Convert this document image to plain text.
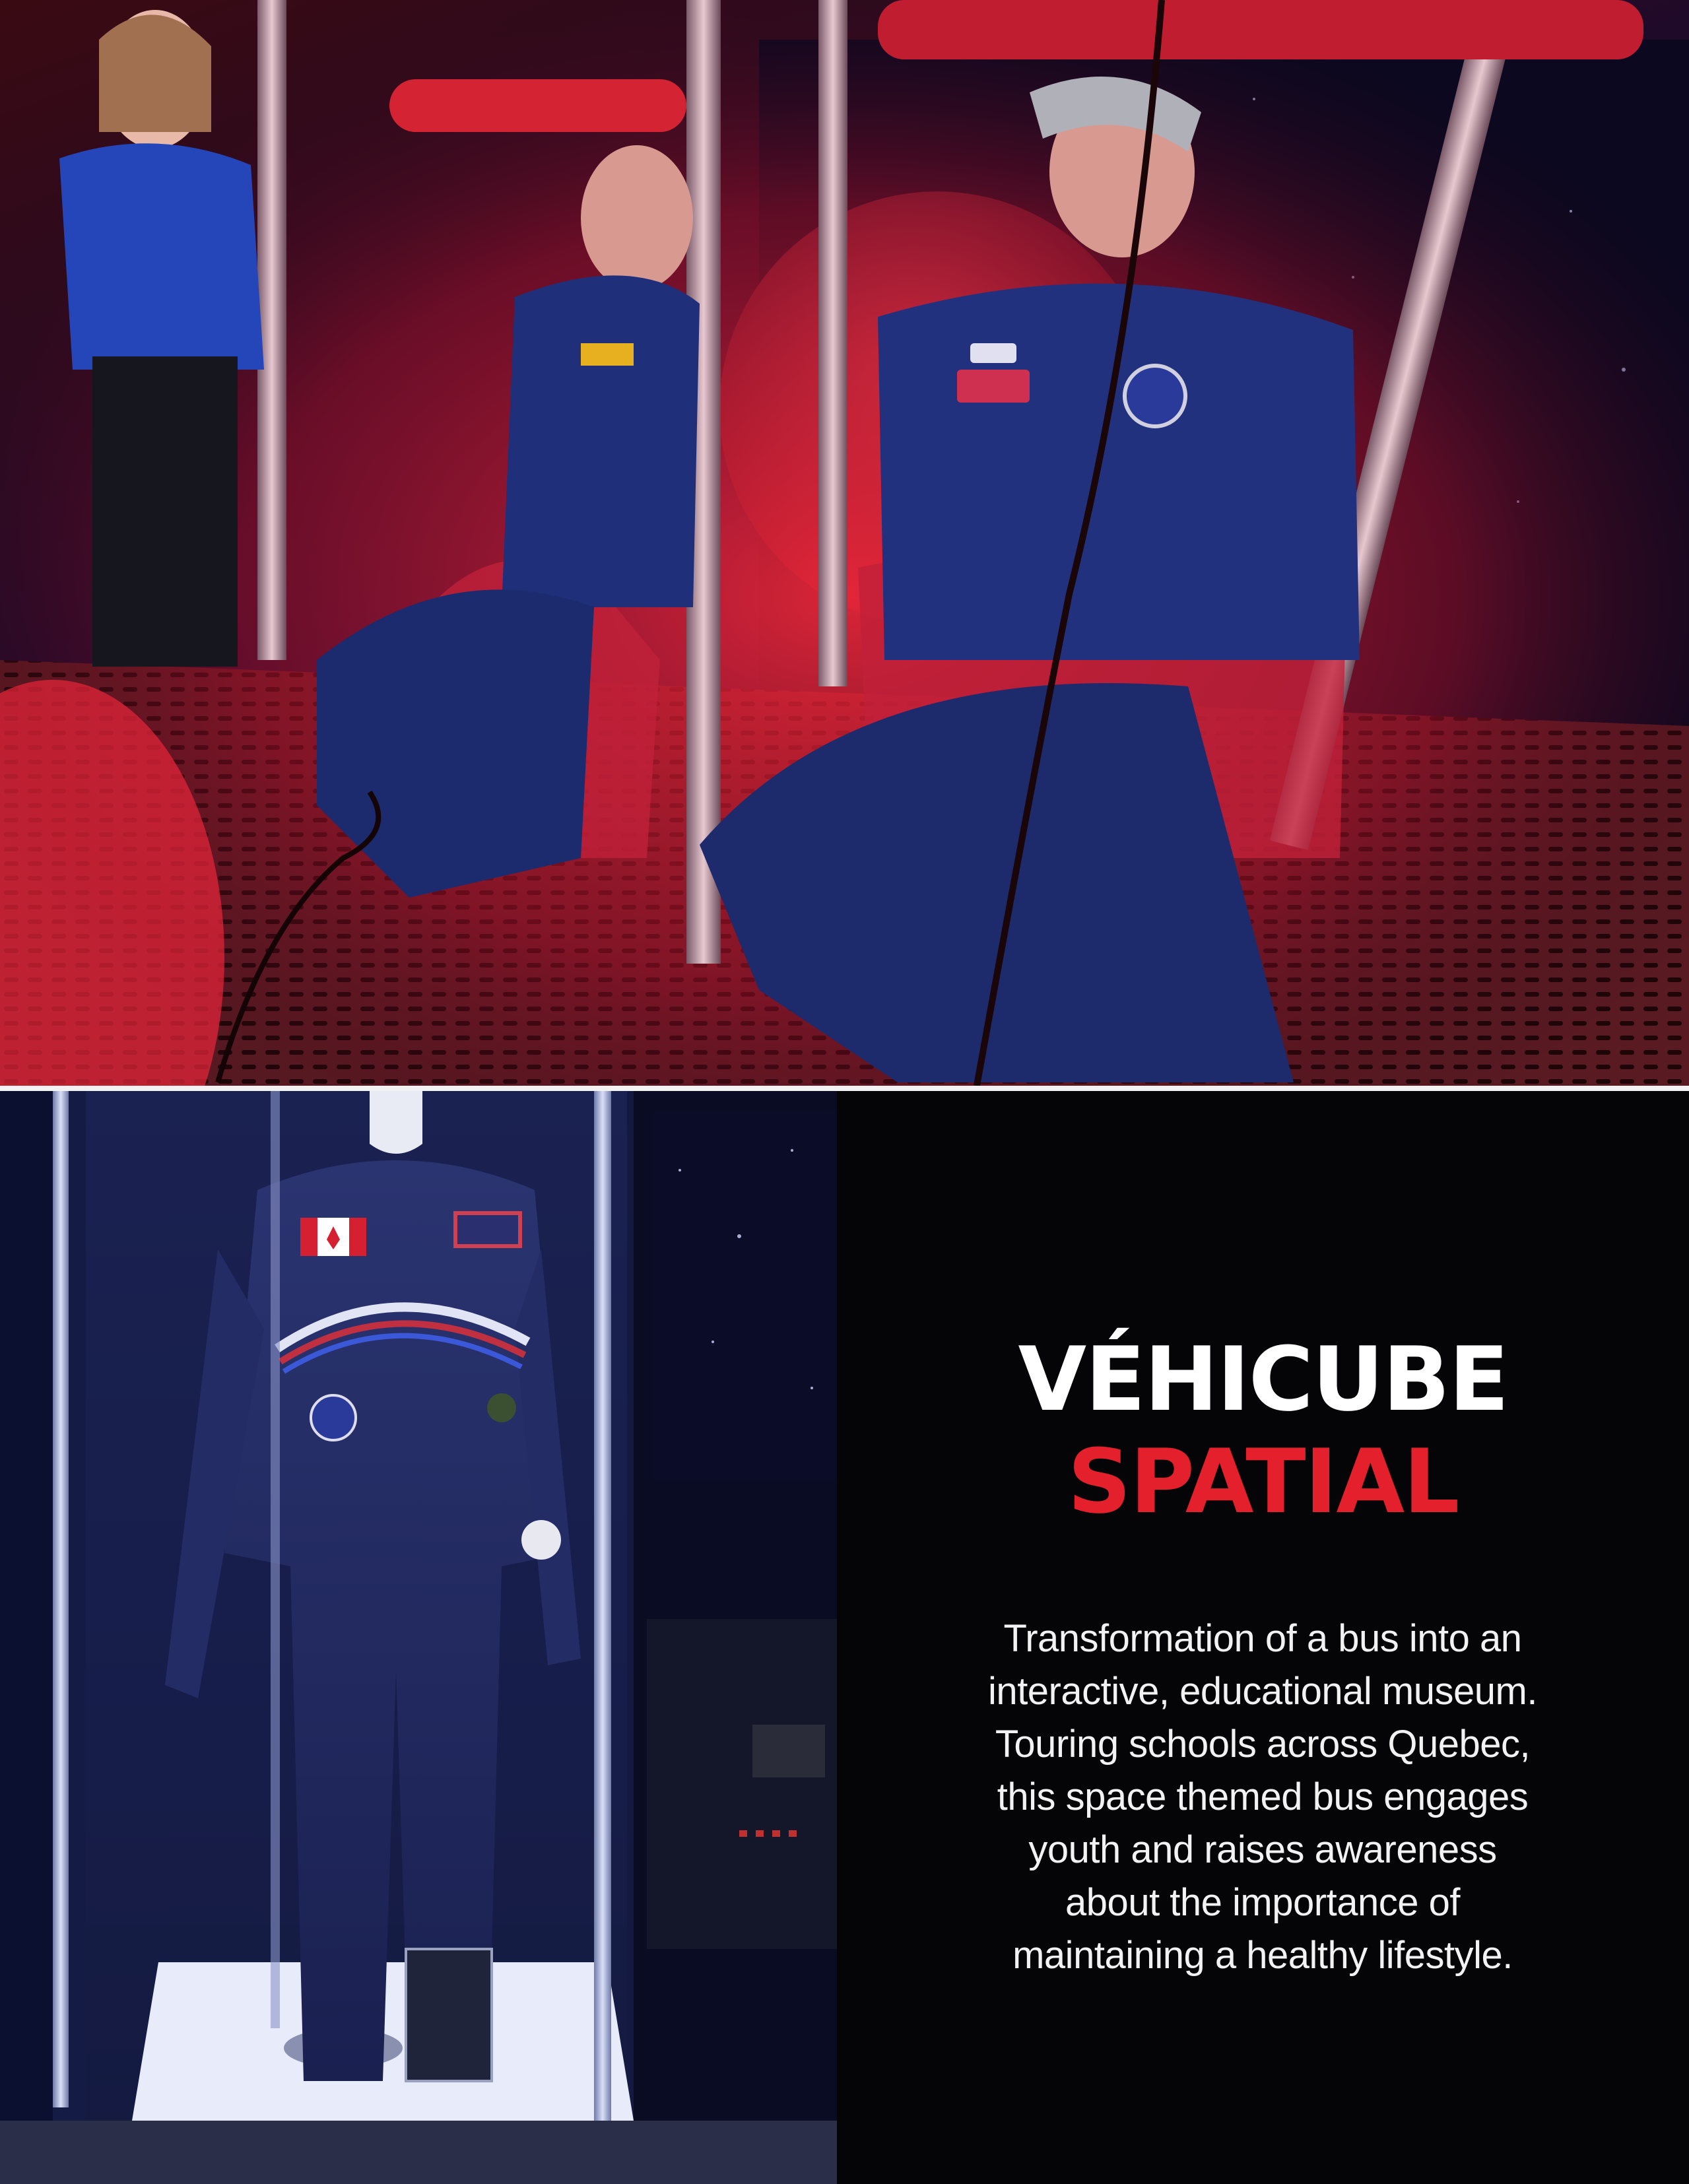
VÉHICUBE
SPATIAL
Transformation of a bus into an
interactive, educational museum.
Touring schools across Quebec,
this space themed bus engages
youth and raises awareness
about the importance of
maintaining a healthy lifestyle.
